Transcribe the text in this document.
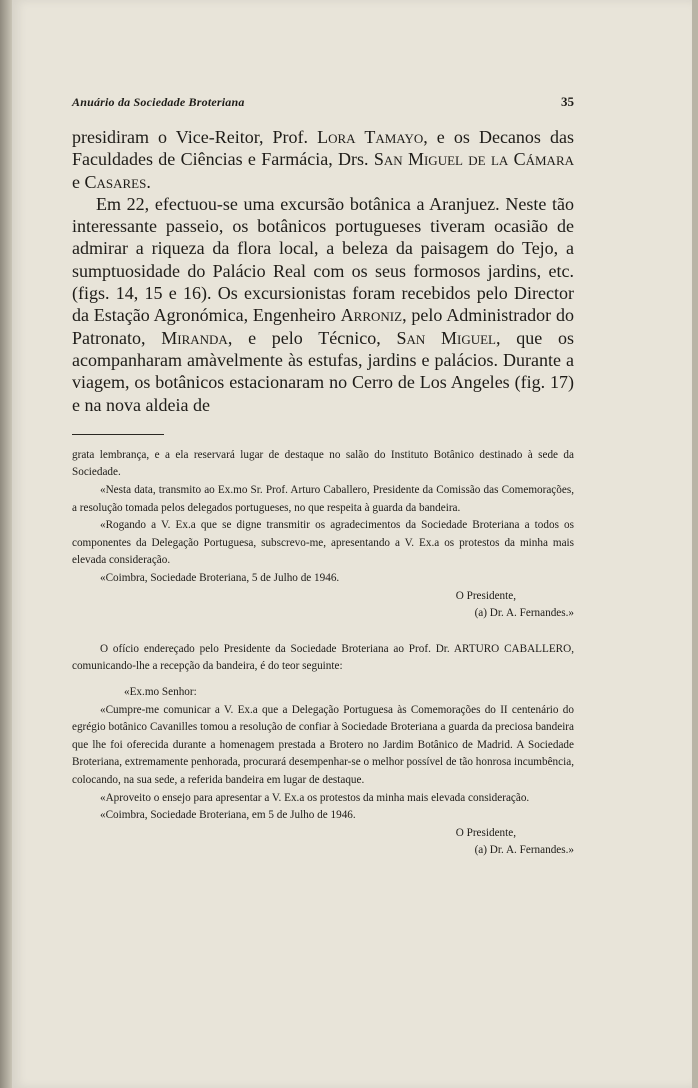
Anuário da Sociedade Broteriana	35

presidiram o Vice-Reitor, Prof. Lora Tamayo, e os Decanos das Faculdades de Ciências e Farmácia, Drs. San Miguel de la Cámara e Casares.

Em 22, efectuou-se uma excursão botânica a Aranjuez. Neste tão interessante passeio, os botânicos portugueses tiveram ocasião de admirar a riqueza da flora local, a beleza da paisagem do Tejo, a sumptuosidade do Palácio Real com os seus formosos jardins, etc. (figs. 14, 15 e 16). Os excursionistas foram recebidos pelo Director da Estação Agronómica, Engenheiro Arroniz, pelo Administrador do Patronato, Miranda, e pelo Técnico, San Miguel, que os acompanharam amàvelmente às estufas, jardins e palácios. Durante a viagem, os botânicos estacionaram no Cerro de Los Angeles (fig. 17) e na nova aldeia de

grata lembrança, e a ela reservará lugar de destaque no salão do Instituto Botânico destinado à sede da Sociedade.

«Nesta data, transmito ao Ex.mo Sr. Prof. Arturo Caballero, Presidente da Comissão das Comemorações, a resolução tomada pelos delegados portugueses, no que respeita à guarda da bandeira.

«Rogando a V. Ex.a que se digne transmitir os agradecimentos da Sociedade Broteriana a todos os componentes da Delegação Portuguesa, subscrevo-me, apresentando a V. Ex.a os protestos da minha mais elevada consideração.

«Coimbra, Sociedade Broteriana, 5 de Julho de 1946.

O Presidente,

(a) Dr. A. Fernandes.»

O ofício endereçado pelo Presidente da Sociedade Broteriana ao Prof. Dr. ARTURO CABALLERO, comunicando-lhe a recepção da bandeira, é do teor seguinte:

«Ex.mo Senhor:

«Cumpre-me comunicar a V. Ex.a que a Delegação Portuguesa às Comemorações do II centenário do egrégio botânico Cavanilles tomou a resolução de confiar à Sociedade Broteriana a guarda da preciosa bandeira que lhe foi oferecida durante a homenagem prestada a Brotero no Jardim Botânico de Madrid. A Sociedade Broteriana, extremamente penhorada, procurará desempenhar-se o melhor possível de tão honrosa incumbência, colocando, na sua sede, a referida bandeira em lugar de destaque.

«Aproveito o ensejo para apresentar a V. Ex.a os protestos da minha mais elevada consideração.

«Coimbra, Sociedade Broteriana, em 5 de Julho de 1946.

O Presidente,

(a) Dr. A. Fernandes.»
